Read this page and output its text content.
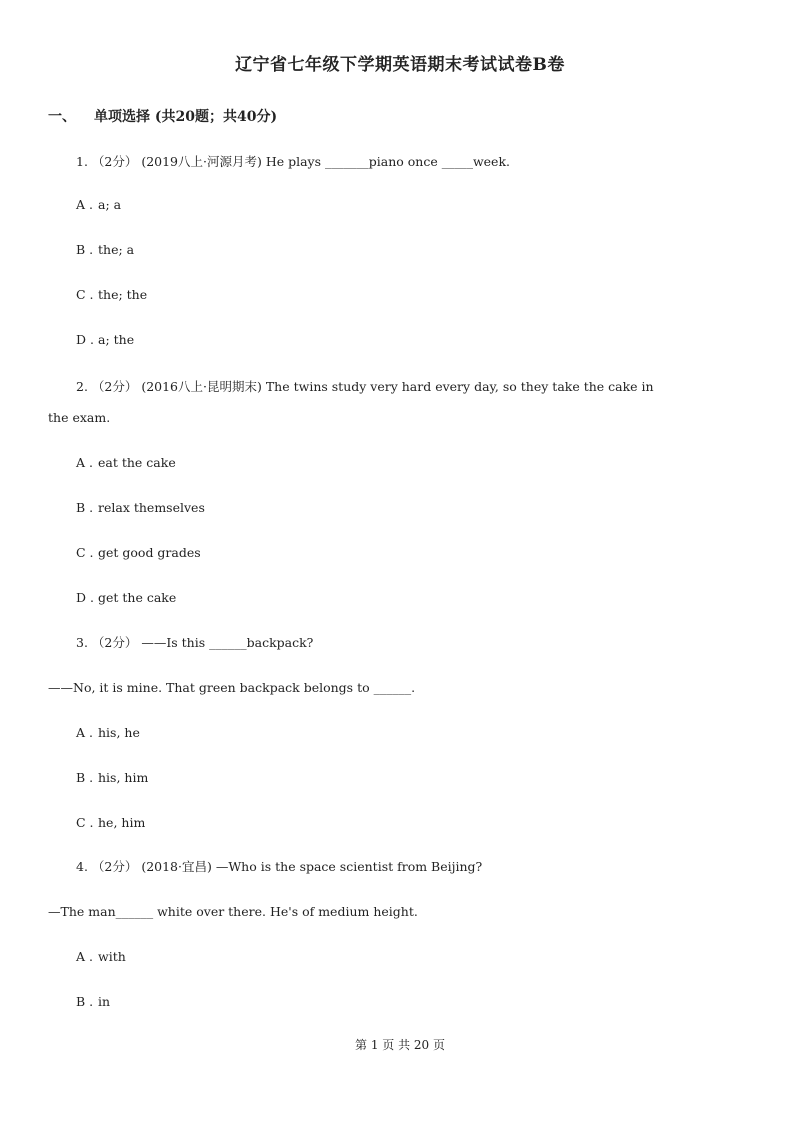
辽宁省七年级下学期英语期末考试试卷B卷
一、 单项选择 (共20题；共40分)
1. （2分） (2019八上·河源月考) He plays _______piano once _____week.
A . a; a
B . the; a
C . the; the
D . a; the
2. （2分） (2016八上·昆明期末) The twins study very hard every day, so they take the cake in
the exam.
A . eat the cake
B . relax themselves
C . get good grades
D . get the cake
3. （2分） ——Is this ______backpack?
——No, it is mine. That green backpack belongs to ______.
A . his, he
B . his, him
C . he, him
4. （2分） (2018·宜昌) —Who is the space scientist from Beijing?
—The man______ white over there. He's of medium height.
A . with
B . in
第 1 页 共 20 页
